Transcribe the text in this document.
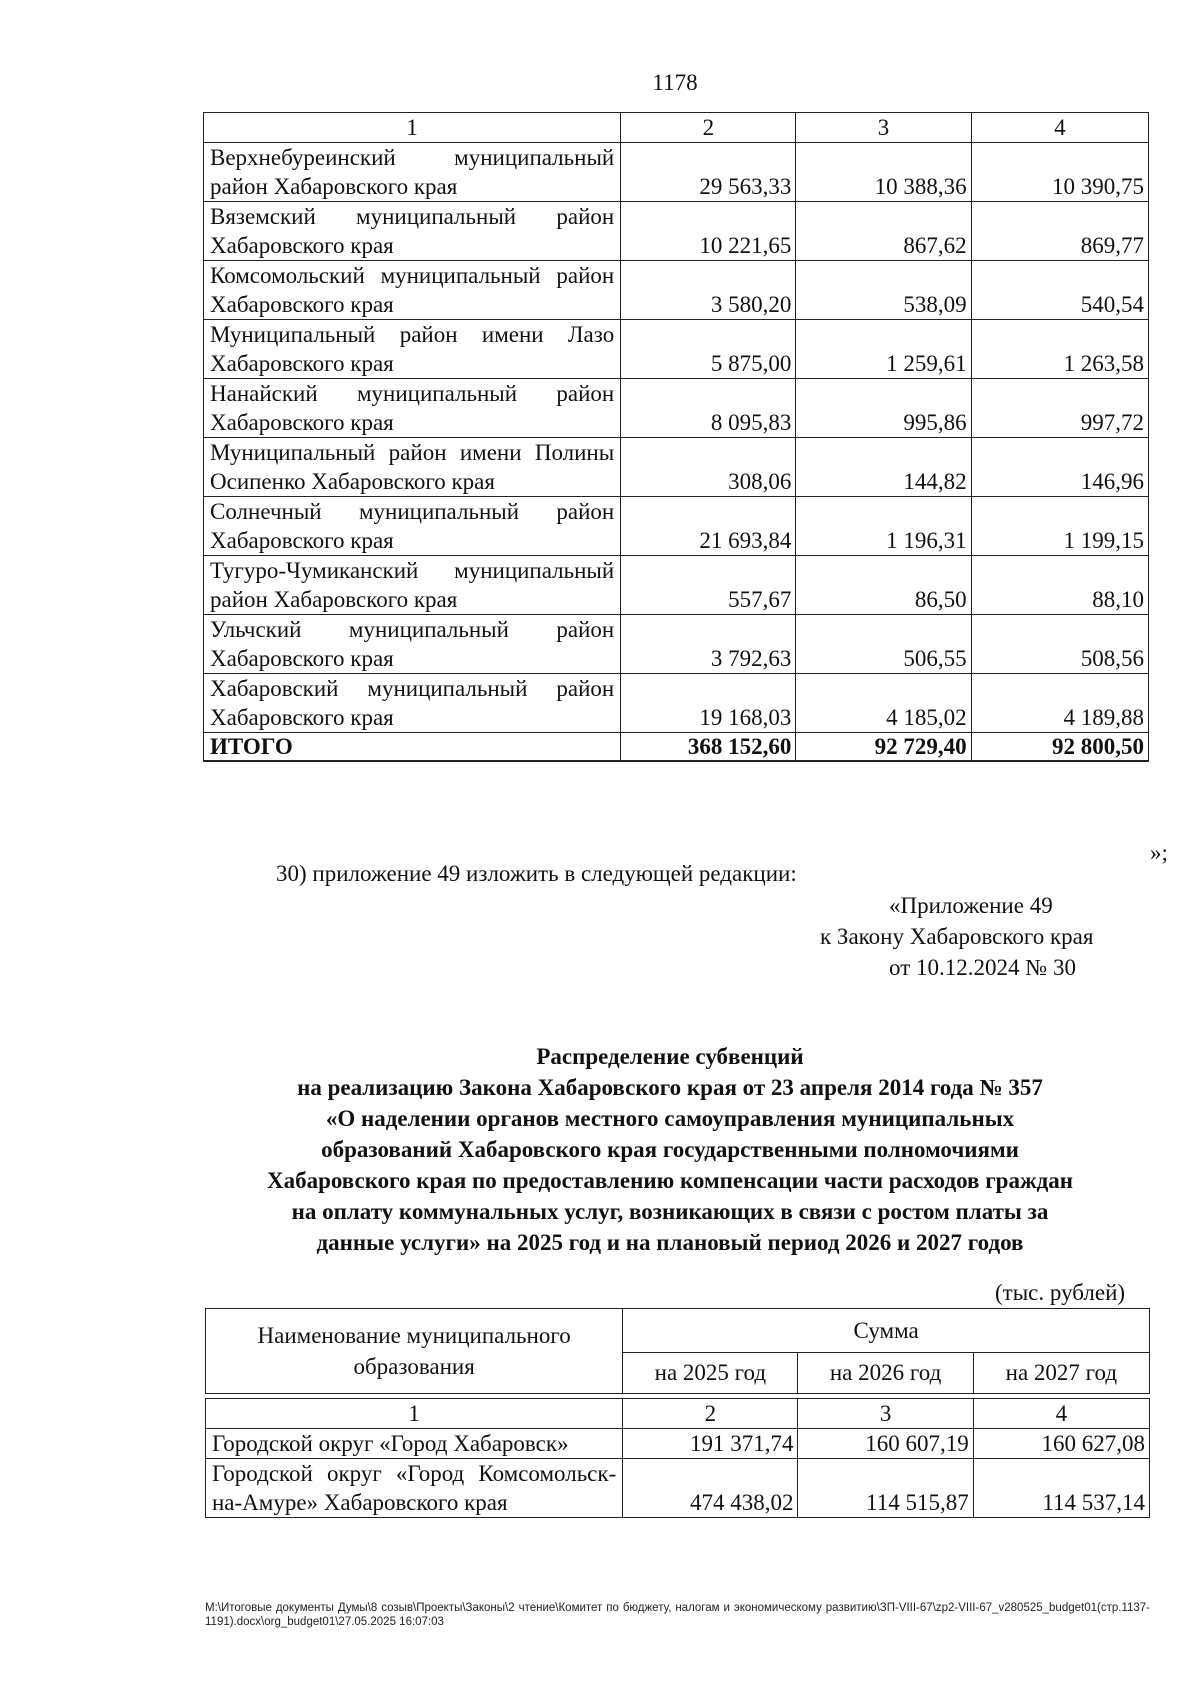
1178
1	2	3	4
Верхнебуреинский муниципальный район Хабаровского края	29 563,33	10 388,36	10 390,75
Вяземский муниципальный район Хабаровского края	10 221,65	867,62	869,77
Комсомольский муниципальный район Хабаровского края	3 580,20	538,09	540,54
Муниципальный район имени Лазо Хабаровского края	5 875,00	1 259,61	1 263,58
Нанайский муниципальный район Хабаровского края	8 095,83	995,86	997,72
Муниципальный район имени Полины Осипенко Хабаровского края	308,06	144,82	146,96
Солнечный муниципальный район Хабаровского края	21 693,84	1 196,31	1 199,15
Тугуро-Чумиканский муниципальный район Хабаровского края	557,67	86,50	88,10
Ульчский муниципальный район Хабаровского края	3 792,63	506,55	508,56
Хабаровский муниципальный район Хабаровского края	19 168,03	4 185,02	4 189,88
ИТОГО	368 152,60	92 729,40	92 800,50
»;
30) приложение 49 изложить в следующей редакции:
«Приложение 49
к Закону Хабаровского края
от 10.12.2024 № 30
Распределение субвенций
на реализацию Закона Хабаровского края от 23 апреля 2014 года № 357
«О наделении органов местного самоуправления муниципальных
образований Хабаровского края государственными полномочиями
Хабаровского края по предоставлению компенсации части расходов граждан
на оплату коммунальных услуг, возникающих в связи с ростом платы за
данные услуги» на 2025 год и на плановый период 2026 и 2027 годов
(тыс. рублей)
Наименование муниципального образования	Сумма		
	на 2025 год	на 2026 год	на 2027 год
1	2	3	4
Городской округ «Город Хабаровск»	191 371,74	160 607,19	160 627,08
Городской округ «Город Комсомольск-на-Амуре» Хабаровского края	474 438,02	114 515,87	114 537,14
M:\Итоговые документы Думы\8 созыв\Проекты\Законы\2 чтение\Комитет по бюджету, налогам и экономическому развитию\ЗП-VIII-67\zp2-VIII-67_v280525_budget01(стр.1137-1191).docx\org_budget01\27.05.2025 16:07:03
